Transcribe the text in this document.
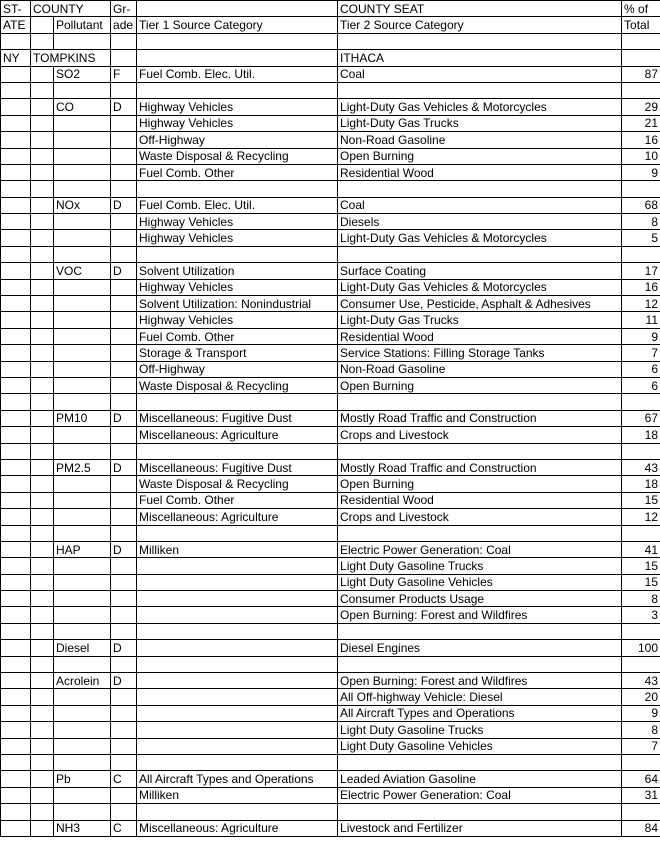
ST-	COUNTY		Gr-		COUNTY SEAT	% of
ATE		Pollutant	ade	Tier 1 Source Category	Tier 2 Source Category	Total

NY	TOMPKINS				ITHACA	
		SO2	F	Fuel Comb. Elec. Util.	Coal	87

		CO	D	Highway Vehicles	Light-Duty Gas Vehicles & Motorcycles	29
				Highway Vehicles	Light-Duty Gas Trucks	21
				Off-Highway	Non-Road Gasoline	16
				Waste Disposal & Recycling	Open Burning	10
				Fuel Comb. Other	Residential Wood	9

		NOx	D	Fuel Comb. Elec. Util.	Coal	68
				Highway Vehicles	Diesels	8
				Highway Vehicles	Light-Duty Gas Vehicles & Motorcycles	5

		VOC	D	Solvent Utilization	Surface Coating	17
				Highway Vehicles	Light-Duty Gas Vehicles & Motorcycles	16
				Solvent Utilization: Nonindustrial	Consumer Use, Pesticide, Asphalt & Adhesives	12
				Highway Vehicles	Light-Duty Gas Trucks	11
				Fuel Comb. Other	Residential Wood	9
				Storage & Transport	Service Stations: Filling Storage Tanks	7
				Off-Highway	Non-Road Gasoline	6
				Waste Disposal & Recycling	Open Burning	6

		PM10	D	Miscellaneous: Fugitive Dust	Mostly Road Traffic and Construction	67
				Miscellaneous: Agriculture	Crops and Livestock	18

		PM2.5	D	Miscellaneous: Fugitive Dust	Mostly Road Traffic and Construction	43
				Waste Disposal & Recycling	Open Burning	18
				Fuel Comb. Other	Residential Wood	15
				Miscellaneous: Agriculture	Crops and Livestock	12

		HAP	D	Milliken	Electric Power Generation: Coal	41
					Light Duty Gasoline Trucks	15
					Light Duty Gasoline Vehicles	15
					Consumer Products Usage	8
					Open Burning: Forest and Wildfires	3

		Diesel	D		Diesel Engines	100

		Acrolein	D		Open Burning: Forest and Wildfires	43
					All Off-highway Vehicle: Diesel	20
					All Aircraft Types and Operations	9
					Light Duty Gasoline Trucks	8
					Light Duty Gasoline Vehicles	7

		Pb	C	All Aircraft Types and Operations	Leaded Aviation Gasoline	64
				Milliken	Electric Power Generation: Coal	31

		NH3	C	Miscellaneous: Agriculture	Livestock and Fertilizer	84
